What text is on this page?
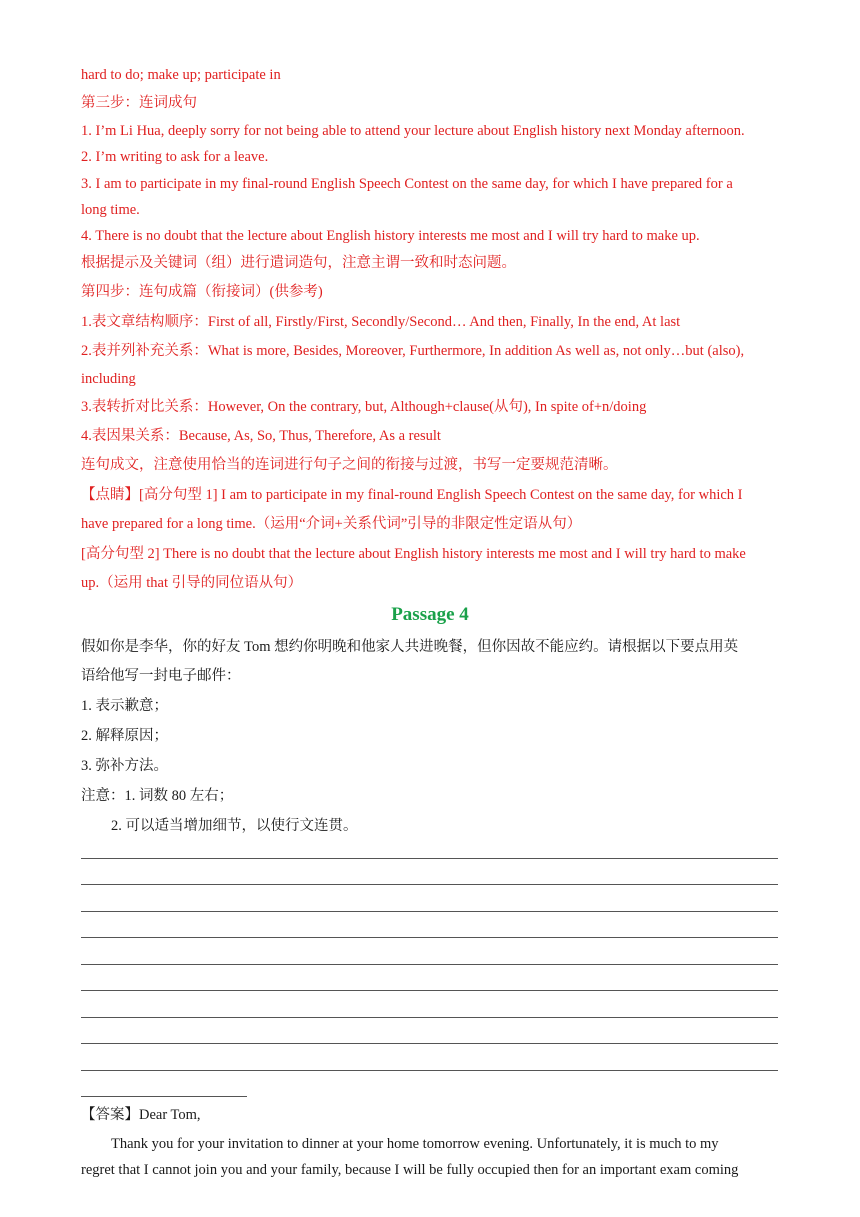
hard to do; make up; participate in
第三步：连词成句
1. I’m Li Hua, deeply sorry for not being able to attend your lecture about English history next Monday afternoon.
2. I’m writing to ask for a leave.
3. I am to participate in my final-round English Speech Contest on the same day, for which I have prepared for a
long time.
4. There is no doubt that the lecture about English history interests me most and I will try hard to make up.
根据提示及关键词（组）进行遣词造句，注意主谓一致和时态问题。
第四步：连句成篇（衔接词）(供参考)
1.表文章结构顺序：First of all, Firstly/First, Secondly/Second… And then, Finally, In the end, At last
2.表并列补充关系：What is more, Besides, Moreover, Furthermore, In addition As well as, not only…but (also),
including
3.表转折对比关系：However, On the contrary, but, Although+clause(从句), In spite of+n/doing
4.表因果关系：Because, As, So, Thus, Therefore, As a result
连句成文，注意使用恰当的连词进行句子之间的衔接与过渡，书写一定要规范清晰。
【点睛】[高分句型 1] I am to participate in my final-round English Speech Contest on the same day, for which I
have prepared for a long time.（运用“介词+关系代词”引导的非限定性定语从句）
[高分句型 2] There is no doubt that the lecture about English history interests me most and I will try hard to make
up.（运用 that 引导的同位语从句）
Passage 4
假如你是李华，你的好友 Tom 想约你明晚和他家人共进晚餐，但你因故不能应约。请根据以下要点用英
语给他写一封电子邮件：
1. 表示歉意；
2. 解释原因；
3. 弥补方法。
注意：1. 词数 80 左右；
2. 可以适当增加细节，以使行文连贯。
【答案】Dear Tom,
Thank you for your invitation to dinner at your home tomorrow evening. Unfortunately, it is much to my
regret that I cannot join you and your family, because I will be fully occupied then for an important exam coming
